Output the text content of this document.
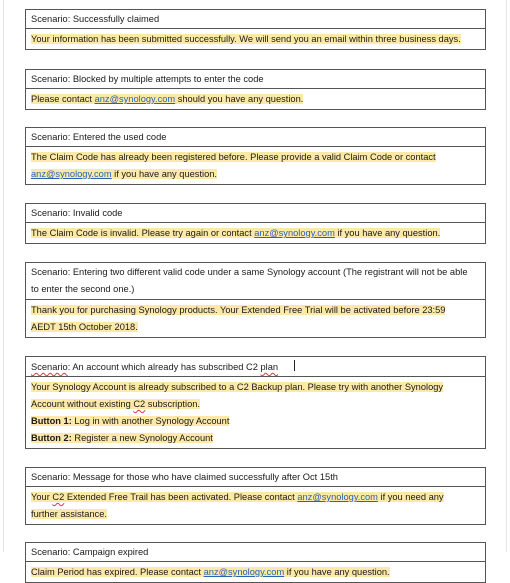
Scenario: Successfully claimed
Your information has been submitted successfully. We will send you an email within three business days.
Scenario: Blocked by multiple attempts to enter the code
Please contact anz@synology.com should you have any question.
Scenario: Entered the used code
The Claim Code has already been registered before. Please provide a valid Claim Code or contact
anz@synology.com if you have any question.
Scenario: Invalid code
The Claim Code is invalid. Please try again or contact anz@synology.com if you have any question.
Scenario: Entering two different valid code under a same Synology account (The registrant will not be able
to enter the second one.)
Thank you for purchasing Synology products. Your Extended Free Trial will be activated before 23:59
AEDT 15th October 2018.
Scenario: An account which already has subscribed C2 plan
Your Synology Account is already subscribed to a C2 Backup plan. Please try with another Synology
Account without existing C2 subscription.
Button 1: Log in with another Synology Account
Button 2: Register a new Synology Account
Scenario: Message for those who have claimed successfully after Oct 15th
Your C2 Extended Free Trail has been activated. Please contact anz@synology.com if you need any
further assistance.
Scenario: Campaign expired
Claim Period has expired. Please contact anz@synology.com if you have any question.
